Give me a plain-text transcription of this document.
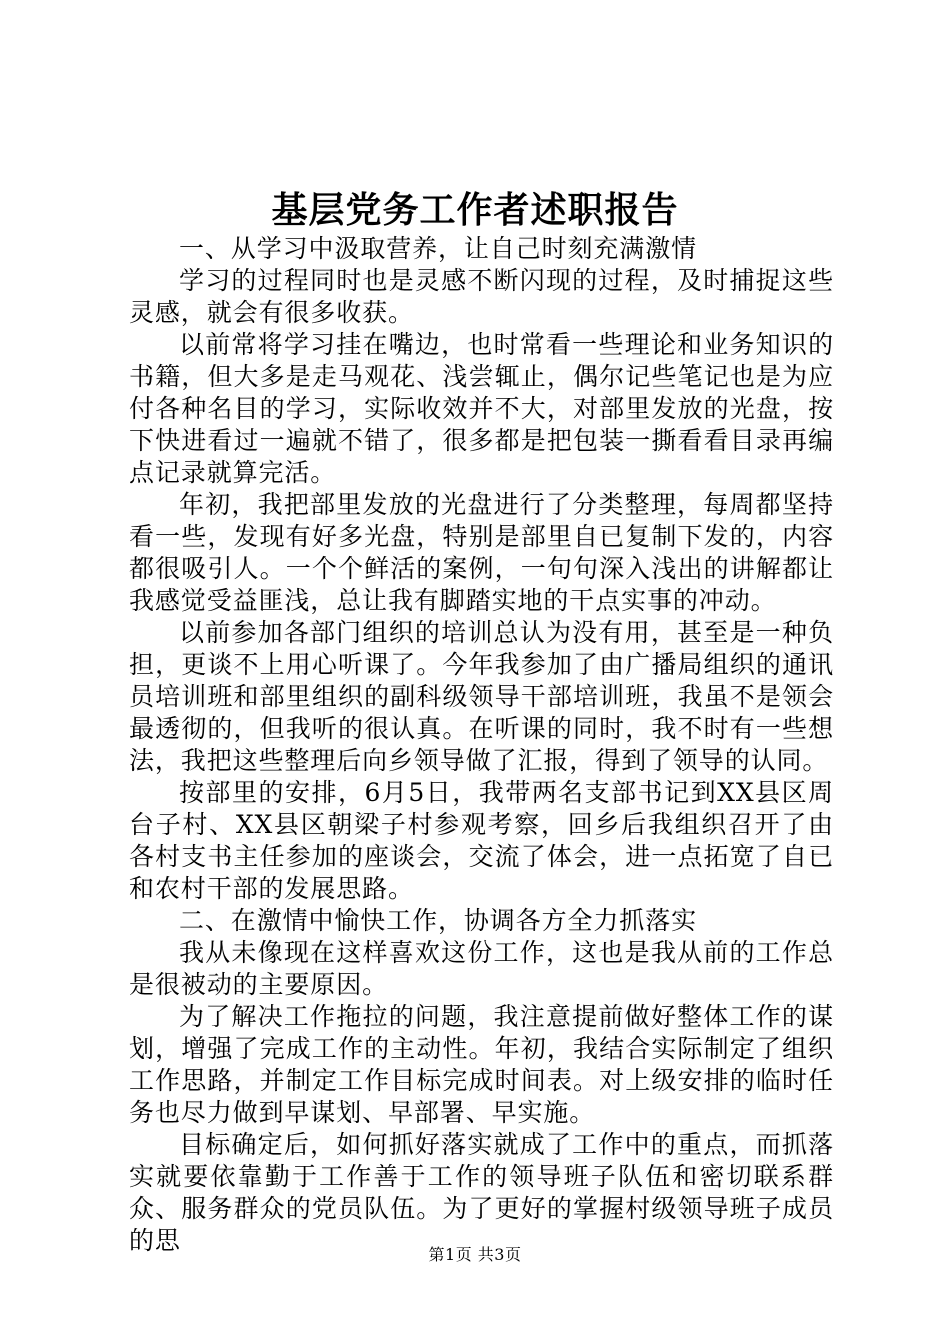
基层党务工作者述职报告

一、从学习中汲取营养，让自己时刻充满激情

学习的过程同时也是灵感不断闪现的过程，及时捕捉这些灵感，就会有很多收获。

以前常将学习挂在嘴边，也时常看一些理论和业务知识的书籍，但大多是走马观花、浅尝辄止，偶尔记些笔记也是为应付各种名目的学习，实际收效并不大，对部里发放的光盘，按下快进看过一遍就不错了，很多都是把包装一撕看看目录再编点记录就算完活。

年初，我把部里发放的光盘进行了分类整理，每周都坚持看一些，发现有好多光盘，特别是部里自已复制下发的，内容都很吸引人。一个个鲜活的案例，一句句深入浅出的讲解都让我感觉受益匪浅，总让我有脚踏实地的干点实事的冲动。

以前参加各部门组织的培训总认为没有用，甚至是一种负担，更谈不上用心听课了。今年我参加了由广播局组织的通讯员培训班和部里组织的副科级领导干部培训班，我虽不是领会最透彻的，但我听的很认真。在听课的同时，我不时有一些想法，我把这些整理后向乡领导做了汇报，得到了领导的认同。

按部里的安排，6月5日，我带两名支部书记到XX县区周台子村、XX县区朝梁子村参观考察，回乡后我组织召开了由各村支书主任参加的座谈会，交流了体会，进一点拓宽了自已和农村干部的发展思路。

二、在激情中愉快工作，协调各方全力抓落实

我从未像现在这样喜欢这份工作，这也是我从前的工作总是很被动的主要原因。

为了解决工作拖拉的问题，我注意提前做好整体工作的谋划，增强了完成工作的主动性。年初，我结合实际制定了组织工作思路，并制定工作目标完成时间表。对上级安排的临时任务也尽力做到早谋划、早部署、早实施。

目标确定后，如何抓好落实就成了工作中的重点，而抓落实就要依靠勤于工作善于工作的领导班子队伍和密切联系群众、服务群众的党员队伍。为了更好的掌握村级领导班子成员的思	第1页 共3页
